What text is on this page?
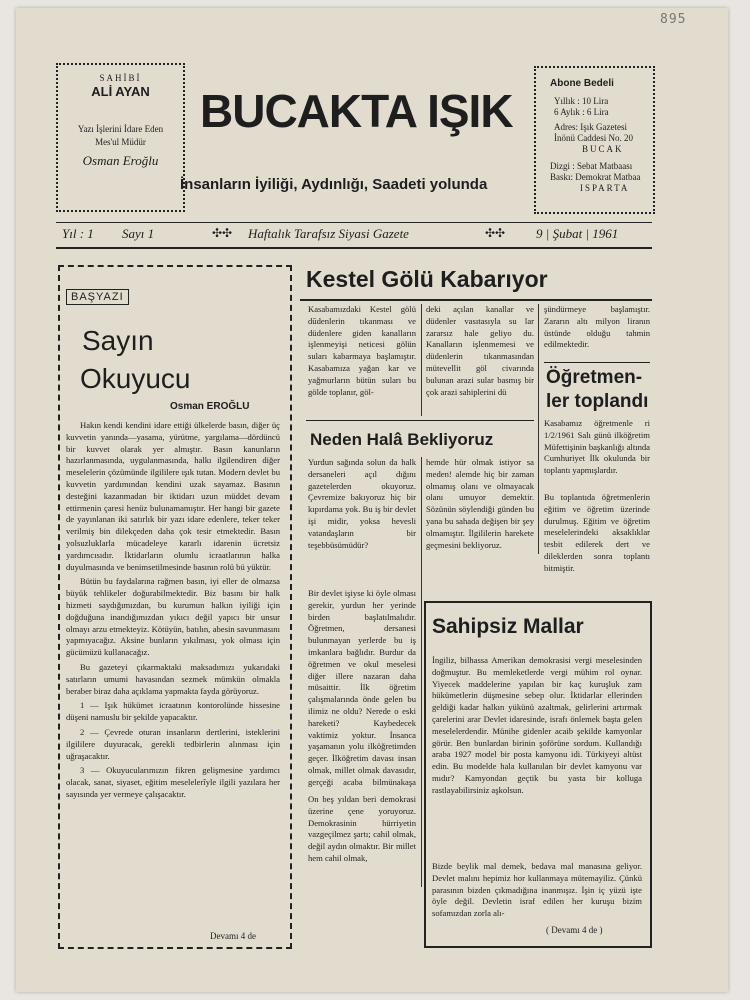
895
SAHİBİ
ALİ AYAN
Yazı İşlerini İdare Eden
Mes'ul Müdür
Osman Eroğlu
BUCAKTA IŞIK
İnsanların İyiliği, Aydınlığı, Saadeti yolunda
Abone Bedeli
Yıllık : 10 Lira
6 Aylık : 6 Lira
Adres: Işık Gazetesi
İnönü Caddesi No. 20
BUCAK
Dizgi : Sebat Matbaası
Baskı: Demokrat Matbaa
ISPARTA
Yıl : 1 Sayı 1	✣✣ Haftalık Tarafsız Siyasi Gazete	✣✣ 9 | Şubat | 1961
BAŞYAZI
Sayın
Okuyucu
Osman EROĞLU

Hakın kendi kendini idare ettiği ülkelerde basın, diğer üç kuvvetin yanında—yasama, yürütme, yargılama—dördüncü bir kuvvet olarak yer almıştır. Basın kanunların hazırlanmasında, uygulanmasında, halkı ilgilendiren diğer meselelerin çözümünde ilgililere ışık tutan. Modern devlet bu kuvvetin yardımından kendini uzak sayamaz. Basının desteğini kazanmadan bir iktidarı uzun müddet devam ettirmenin çaresi henüz bulunamamıştır. Her hangi bir gazete de yayınlanan iki satırlık bir yazı idare edenlere, teker teker verilmiş bin dilekçeden daha çok tesir etmektedir. Basın yolsuzluklarla mücadeleye kararlı idarenin ücretsiz yardımcısıdır. İktidarların olumlu icraatlarının halka duyulmasında ve benimsetilmesinde basının rolü bü yüktür.

Bütün bu faydalarına rağmen basın, iyi eller de olmazsa büyük tehlikeler doğurabilmektedir. Biz basını bir halk hizmeti saydığımızdan, bu kurumun halkın iyiliği için doğduğuna inandığımızdan yıkıcı değil yapıcı bir unsur olmayı arzu etmekteyiz. Kötüyün, batılın, abesin savunmasını yapmıyacağız. Aksine bunların yıkılması, yok olması için gücümüzü kullanacağız.

Bu gazeteyi çıkarmaktaki maksadımızı yukarıdaki satırların umumi havasından sezmek mümkün olmakla beraber biraz daha açıklama yapmakta fayda görüyoruz.

1 — Işık hükümet icraatının kontorolünde hissesine düşeni namuslu bir şekilde yapacaktır.

2 — Çevrede oturan insanların dertlerini, isteklerini ilgililere duyuracak, gerekli tedbirlerin alınması için uğraşacaktır.

3 — Okuyucularımızın fikren gelişmesine yardımcı olacak, sanat, siyaset, eğitim meselelerîyle ilgili yazılara her sayısında yer vermeye çalışacaktır.

Devamı 4 de
Kestel Gölü Kabarıyor
Kasabamızdaki Kestel gölü dūdenlerin tıkanması ve düdenlere giden kanalların işlenmeyişi neticesi gölün suları kabarmaya başlamıştır. Kasabamıza yağan kar ve yağmurların bütün suları bu gölde toplanır, göl-
deki açılan kanallar ve düdenler vasıtasıyla su lar zararsız hale geliyo du. Kanalların işlenmemesi ve düdenlerin tıkanmasından mütevellit göl civarında bulunan arazi sular basmış bir çok arazi sahiplerini dü
şündürmeye başlamıştır. Zararın altı milyon liranın üstünde olduğu tahmin edilmektedir.
Neden Halâ Bekliyoruz
Yurdun sağında solun da halk dersaneleri açıl dığını gazetelerden okuyoruz. Çevremize bakıyoruz hiç bir kıpırdama yok. Bu iş bir devlet işi midir, yoksa hevesli vatandaşların bir teşebbüsümüdür?
Bir devlet işiyse ki öyle olması gerekir, yurdun her yerinde birden başlatılmalıdır. Öğretmen, dersanesi bulunmayan yerlerde bu iş imkanlara bağlıdır. Burdur da öğretmen ve okul meselesi diğer illere nazaran daha müsaittir. İlk öğretim çalışmalarında önde gelen bu ilimiz ne oldu? Nerede o eski hareketi? Kaybedecek vaktimiz yoktur. İnsanca yaşamanın yolu ilköğretimden geçer. İlköğretim davası insan olmak, millet olmak davasıdır, gerçeği acaba bilmünakaşa
On beş yıldan beri demokrasi üzerine çene yoruyoruz. Demokrasinin hürriyetin vazgeçilmez şartı; cahil olmak, değil aydın olmaktır. Bir millet hem cahil olmak,
hemde hür olmak istiyor sa meden! alemde hiç bir zaman olmamış olanı ve olmayacak olanı umuyor demektir. Sözünün söylendiği günden bu yana bu sahada değişen bir şey olmamıştır. İlgililerin harekete geçmesini bekliyoruz.
Öğretmen-
ler toplandı
Kasabamız öğretmenle ri 1/2/1961 Salı günü ilköğretim Müfettişinin başkanlığı altında Cumhuriyet İlk okulunda bir toplantı yapmışlardır.
Bu toplantıda öğretmenlerin eğitim ve öğretim üzerinde durulmuş. Eğitim ve öğretim meselelerindeki aksaklıklar tesbit edilerek dert ve dileklerden sonra toplantı bitmiştir.
Sahipsiz Mallar
İngiliz, bilhassa Amerikan demokrasisi vergi meselesinden doğmuştur. Bu memleketlerde vergi mühim rol oynar. Yiyecek maddelerine yapılan bir kaç kuruşluk zam hükümetlerin düşmesine sebep olur. İktidarlar ellerinden geldiği kadar halkın yükünü azaltmak, gelirlerini artırmak çarelerini arar Devlet idaresinde, israfı önlemek başta gelen meselelerdendir. Münihe gidenler acaib şekilde kamyonlar görür. Ben bunlardan birinin şoförüne sordum. Kullandığı araba 1927 model bir posta kamyonu idi. Türkiyeyi altüst edin. Bu modelde hala kullanılan bir devlet kamyonu var mıdır? Kamyondan geçtik bu yasta bir kolluga rastlayabilirsiniz aşkolsun.
Bizde beylik mal demek, bedava mal manasına geliyor. Devlet malını hepimiz hor kullanmaya mütemayiliz. Çünkü parasının bizden çıkmadığına inanmışız. İşin iç yüzü işte öyle değil. Devletin israf edilen her kuruşu bizim sofamızdan zorla alı-
( Devamı 4 de )
